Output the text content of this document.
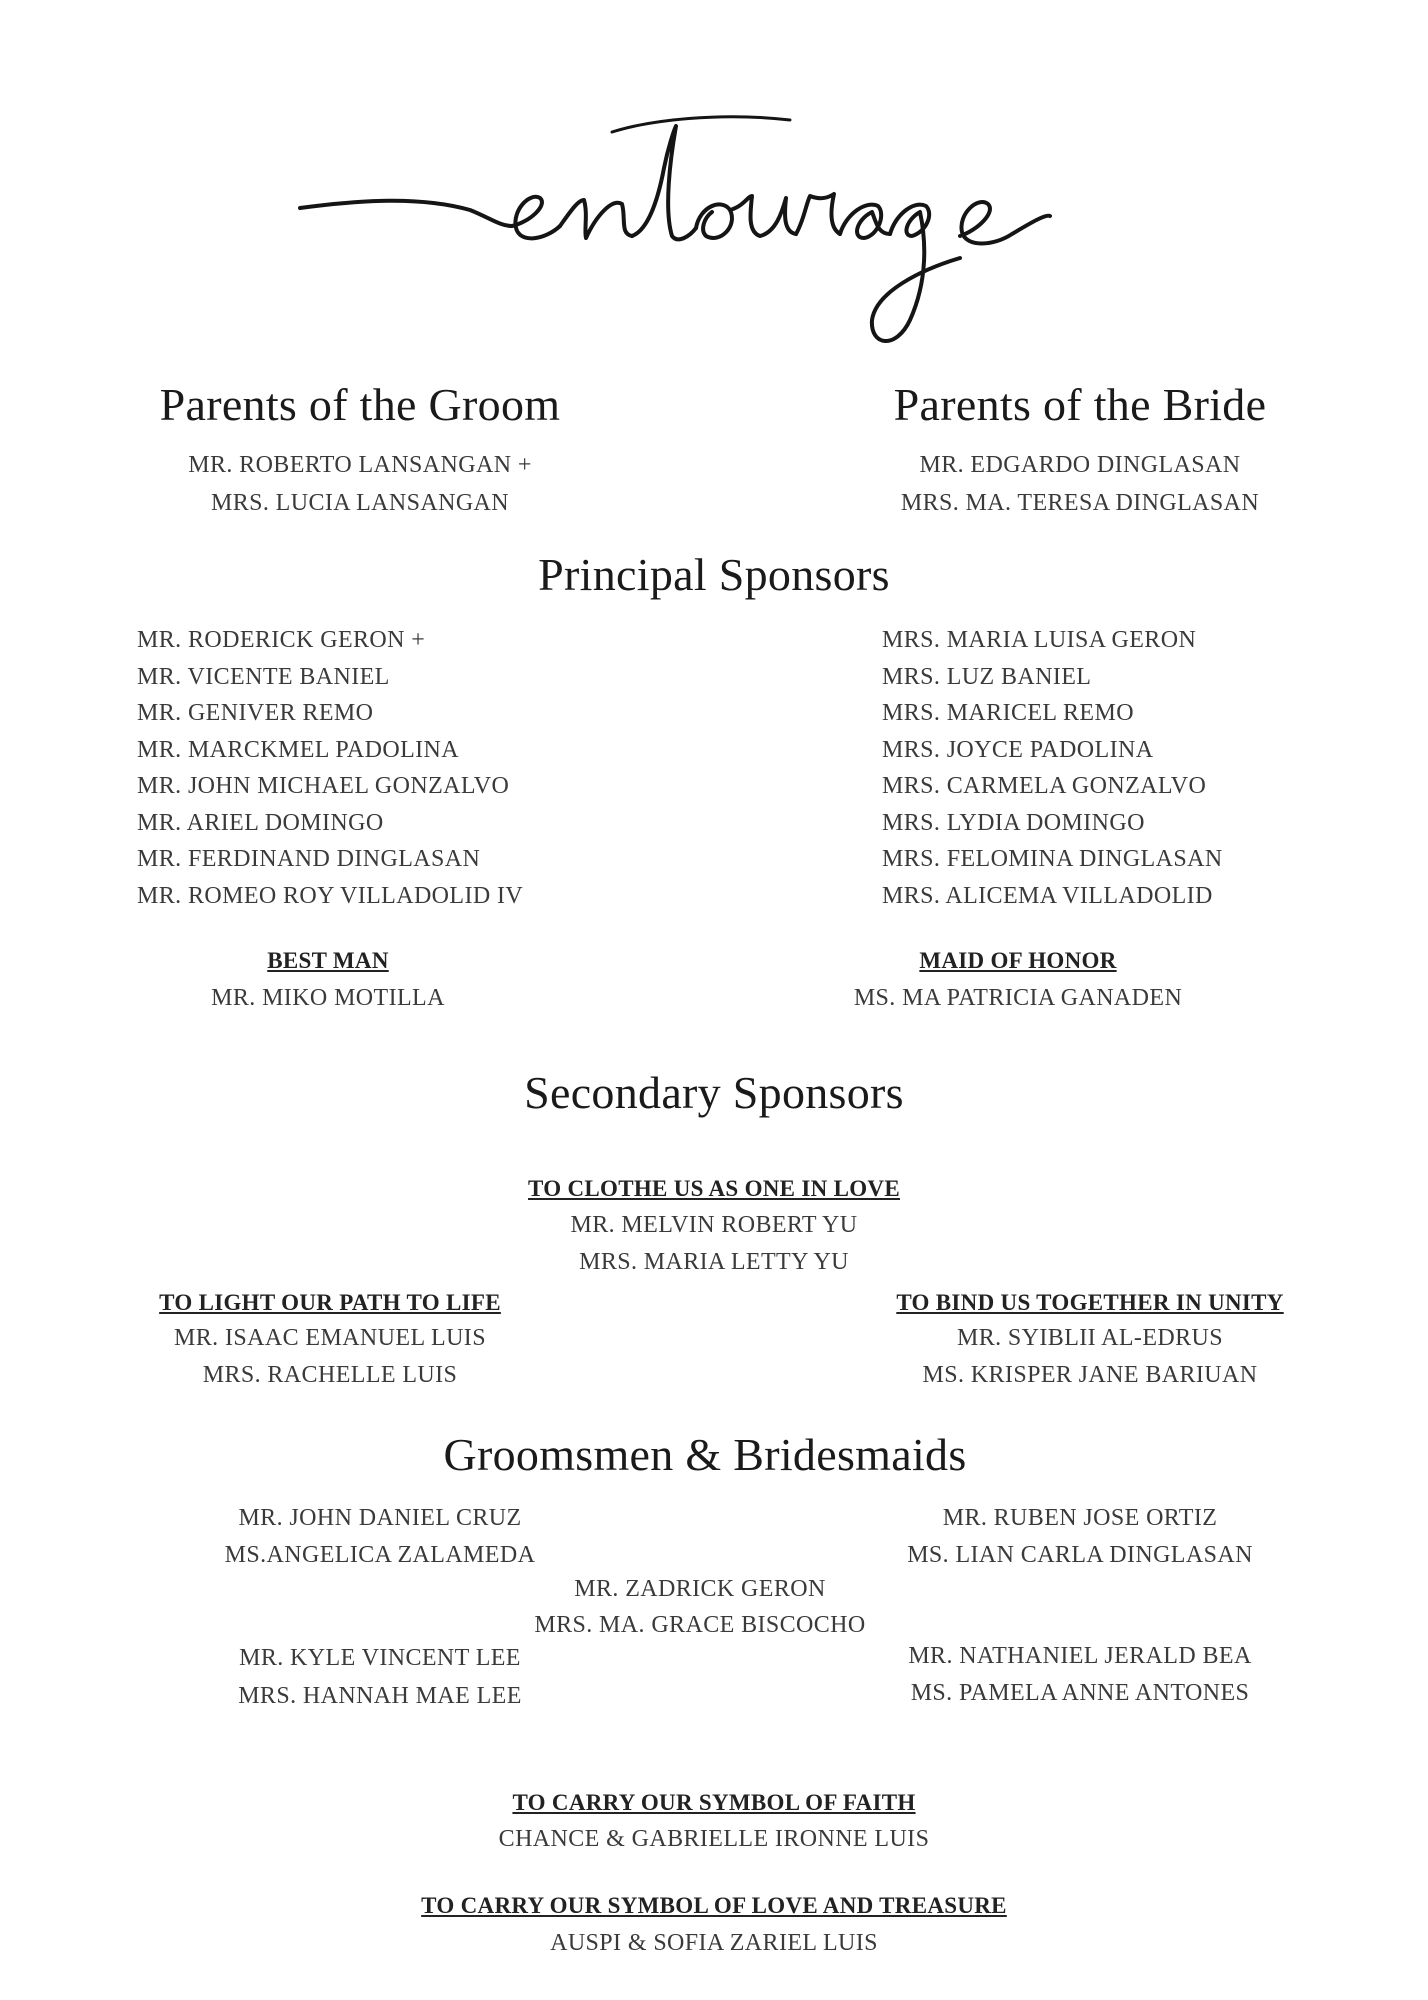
Parents of the Groom
MR. ROBERTO LANSANGAN +
MRS. LUCIA LANSANGAN
Parents of the Bride
MR. EDGARDO DINGLASAN
MRS. MA. TERESA DINGLASAN
Principal Sponsors
MR. RODERICK GERON +
MR. VICENTE BANIEL
MR. GENIVER REMO
MR. MARCKMEL PADOLINA
MR. JOHN MICHAEL GONZALVO
MR. ARIEL DOMINGO
MR. FERDINAND DINGLASAN
MR. ROMEO ROY VILLADOLID IV
MRS. MARIA LUISA GERON
MRS. LUZ BANIEL
MRS. MARICEL REMO
MRS. JOYCE PADOLINA
MRS. CARMELA GONZALVO
MRS. LYDIA DOMINGO
MRS. FELOMINA DINGLASAN
MRS. ALICEMA VILLADOLID
BEST MAN
MR. MIKO MOTILLA
MAID OF HONOR
MS. MA PATRICIA GANADEN
Secondary Sponsors
TO CLOTHE US AS ONE IN LOVE
MR. MELVIN ROBERT YU
MRS. MARIA LETTY YU
TO LIGHT OUR PATH TO LIFE
MR. ISAAC EMANUEL LUIS
MRS. RACHELLE LUIS
TO BIND US TOGETHER IN UNITY
MR. SYIBLII AL-EDRUS
MS. KRISPER JANE BARIUAN
Groomsmen & Bridesmaids
MR. JOHN DANIEL CRUZ
MS.ANGELICA ZALAMEDA
MR. RUBEN JOSE ORTIZ
MS. LIAN CARLA DINGLASAN
MR. ZADRICK GERON
MRS. MA. GRACE BISCOCHO
MR. KYLE VINCENT LEE
MRS. HANNAH MAE LEE
MR. NATHANIEL JERALD BEA
MS. PAMELA ANNE ANTONES
TO CARRY OUR SYMBOL OF FAITH
CHANCE & GABRIELLE IRONNE LUIS
TO CARRY OUR SYMBOL OF LOVE AND TREASURE
AUSPI & SOFIA ZARIEL LUIS
